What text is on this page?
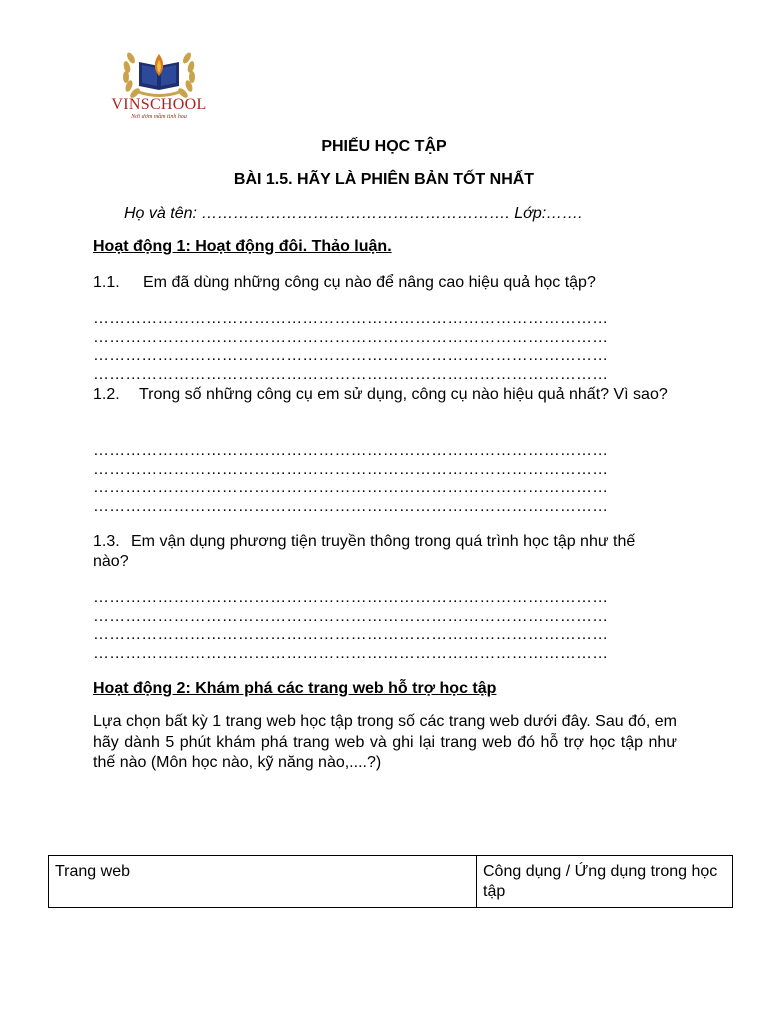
VINSCHOOL
Nơi ươm mầm tinh hoa
PHIẾU HỌC TẬP
BÀI 1.5. HÃY LÀ PHIÊN BẢN TỐT NHẤT
Họ và tên: …………………………………………………. Lớp:…….
Hoạt động 1: Hoạt động đôi. Thảo luận.
1.1. Em đã dùng những công cụ nào để nâng cao hiệu quả học tập?
……………………………………………………………………………………
……………………………………………………………………………………
……………………………………………………………………………………
……………………………………………………………………………………
1.2. Trong số những công cụ em sử dụng, công cụ nào hiệu quả nhất? Vì sao?
……………………………………………………………………………………
……………………………………………………………………………………
……………………………………………………………………………………
……………………………………………………………………………………
1.3. Em vận dụng phương tiện truyền thông trong quá trình học tập như thế nào?
……………………………………………………………………………………
……………………………………………………………………………………
……………………………………………………………………………………
……………………………………………………………………………………
Hoạt động 2: Khám phá các trang web hỗ trợ học tập
Lựa chọn bất kỳ 1 trang web học tập trong số các trang web dưới đây. Sau đó, em hãy dành 5 phút khám phá trang web và ghi lại trang web đó hỗ trợ học tập như thế nào (Môn học nào, kỹ năng nào,....?)
Trang web	Công dụng / Ứng dụng trong học tập
